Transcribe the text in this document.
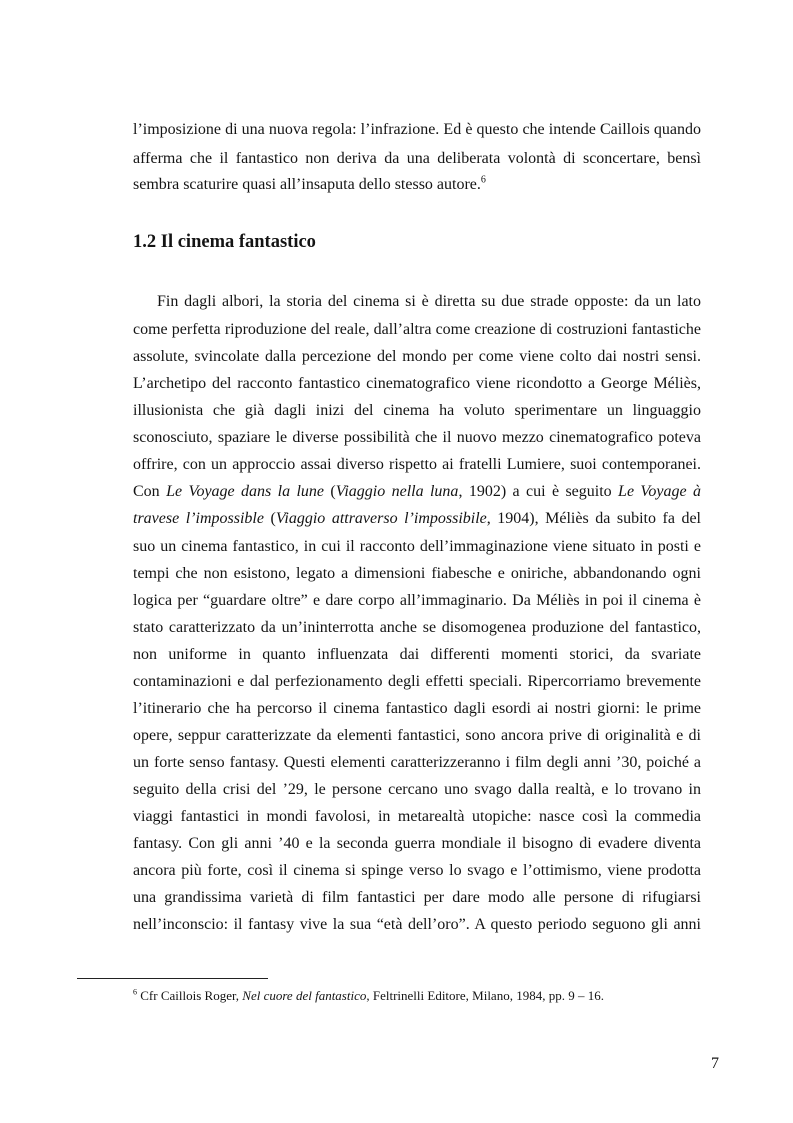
l’imposizione di una nuova regola: l’infrazione. Ed è questo che intende Caillois quando

afferma che il fantastico non deriva da una deliberata volontà di sconcertare, bensì

sembra scaturire quasi all’insaputa dello stesso autore.$^6$

1.2 Il cinema fantastico

Fin dagli albori, la storia del cinema si è diretta su due strade opposte: da un lato

come perfetta riproduzione del reale, dall’altra come creazione di costruzioni fantastiche

assolute, svincolate dalla percezione del mondo per come viene colto dai nostri sensi.

L’archetipo del racconto fantastico cinematografico viene ricondotto a George Méliès,

illusionista che già dagli inizi del cinema ha voluto sperimentare un linguaggio

sconosciuto, spaziare le diverse possibilità che il nuovo mezzo cinematografico poteva

offrire, con un approccio assai diverso rispetto ai fratelli Lumiere, suoi contemporanei.

Con Le Voyage dans la lune (Viaggio nella luna, 1902) a cui è seguito Le Voyage à

travese l’impossible (Viaggio attraverso l’impossibile, 1904), Méliès da subito fa del

suo un cinema fantastico, in cui il racconto dell’immaginazione viene situato in posti e

tempi che non esistono, legato a dimensioni fiabesche e oniriche, abbandonando ogni

logica per “guardare oltre” e dare corpo all’immaginario. Da Méliès in poi il cinema è

stato caratterizzato da un’ininterrotta anche se disomogenea produzione del fantastico,

non uniforme in quanto influenzata dai differenti momenti storici, da svariate

contaminazioni e dal perfezionamento degli effetti speciali. Ripercorriamo brevemente

l’itinerario che ha percorso il cinema fantastico dagli esordi ai nostri giorni: le prime

opere, seppur caratterizzate da elementi fantastici, sono ancora prive di originalità e di

un forte senso fantasy. Questi elementi caratterizzeranno i film degli anni ’30, poiché a

seguito della crisi del ’29, le persone cercano uno svago dalla realtà, e lo trovano in

viaggi fantastici in mondi favolosi, in metarealtà utopiche: nasce così la commedia

fantasy. Con gli anni ’40 e la seconda guerra mondiale il bisogno di evadere diventa

ancora più forte, così il cinema si spinge verso lo svago e l’ottimismo, viene prodotta

una grandissima varietà di film fantastici per dare modo alle persone di rifugiarsi

nell’inconscio: il fantasy vive la sua “età dell’oro”. A questo periodo seguono gli anni

$^6$ Cfr Caillois Roger, Nel cuore del fantastico, Feltrinelli Editore, Milano, 1984, pp. 9 – 16.

7
